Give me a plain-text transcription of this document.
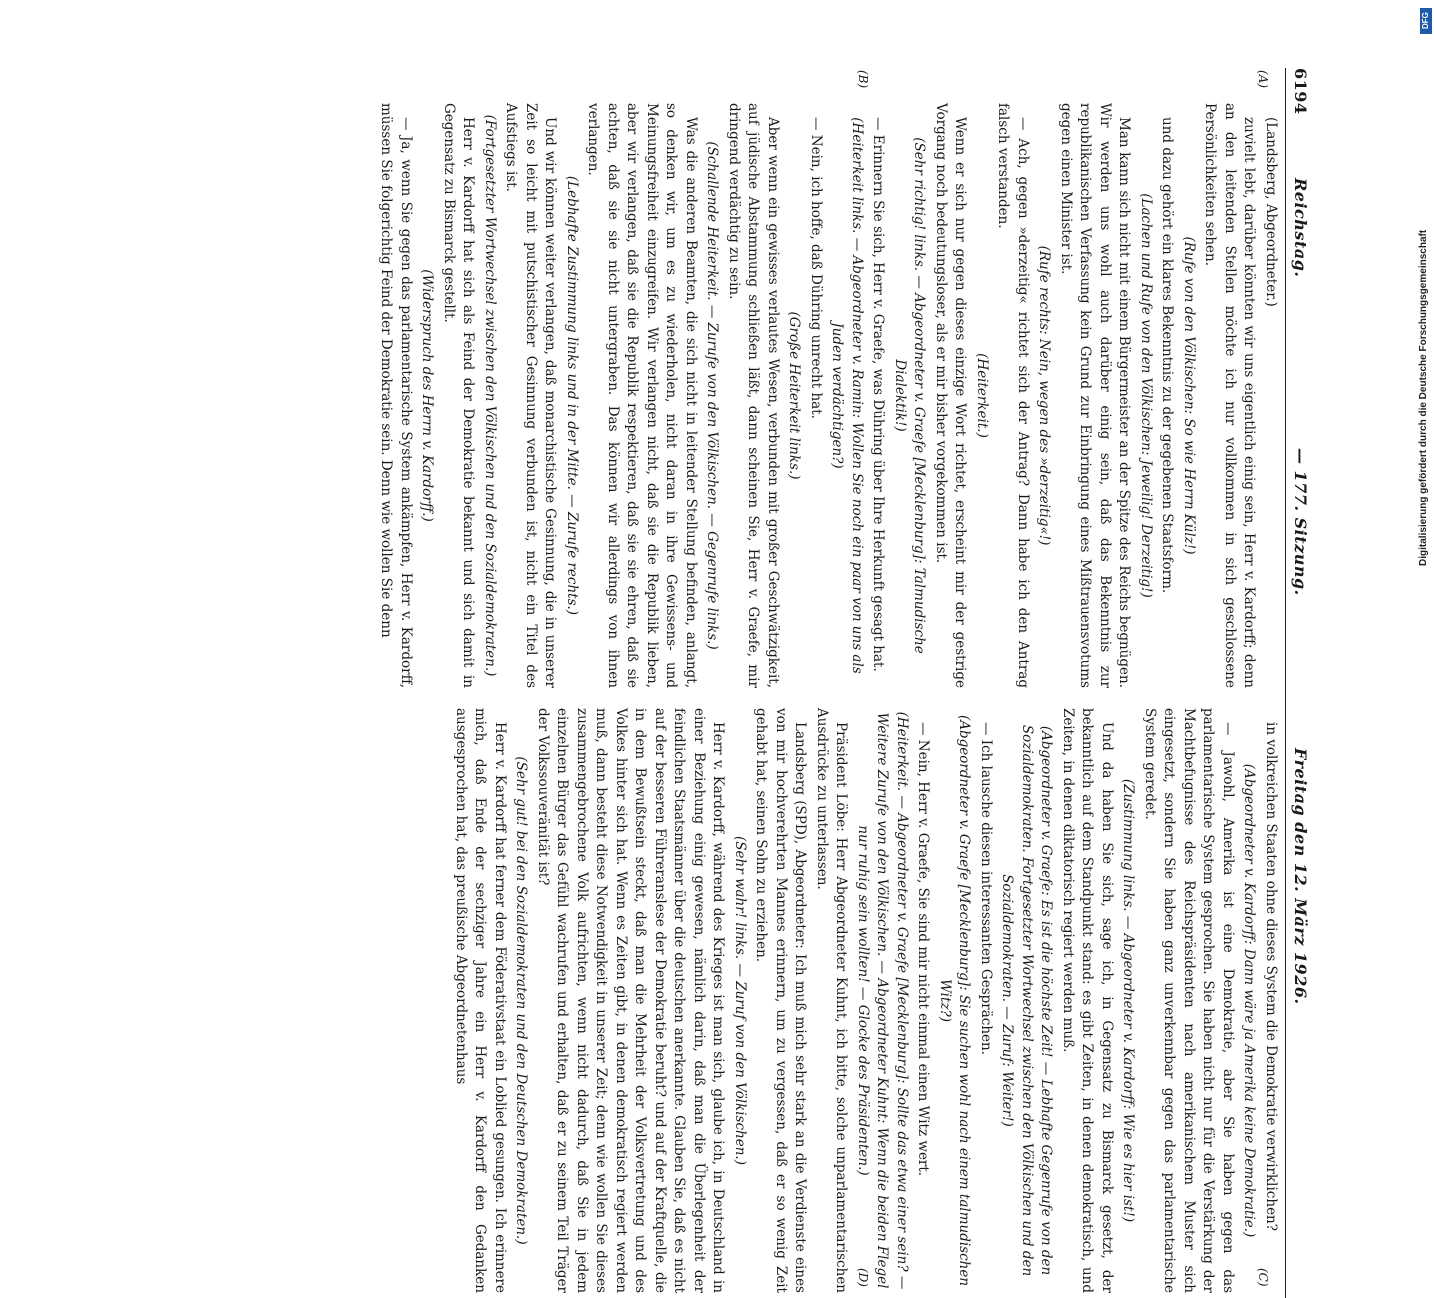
6194
Reichstag.
— 177. Sitzung.
Freitag den 12. März 1926.
(A)
(B)
(C)
(D)

(Landsberg, Abgeordneter.)

zuvielt lebt, darüber könnten wir uns eigentlich einig sein, Herr v. Kardorff; denn an den leitenden Stellen möchte ich nur vollkommen in sich geschlossene Persönlichkeiten sehen.

(Rufe von den Völkischen: So wie Herrn Külz!)

und dazu gehört ein klares Bekenntnis zu der gegebenen Staatsform.

(Lachen und Rufe von den Völkischen: Jeweilig! Derzeitig!)

Man kann sich nicht mit einem Bürgermeister an der Spitze des Reichs begnügen. Wir werden uns wohl auch darüber einig sein, daß das Bekenntnis zur republikanischen Verfassung kein Grund zur Einbringung eines Mißtrauensvotums gegen einen Minister ist.

(Rufe rechts: Nein, wegen des »derzeitig«!)

— Ach, gegen »derzeitig« richtet sich der Antrag? Dann habe ich den Antrag falsch verstanden.

(Heiterkeit.)

Wenn er sich nur gegen dieses einzige Wort richtet, erscheint mir der gestrige Vorgang noch bedeutungsloser, als er mir bisher vorgekommen ist.

(Sehr richtig! links. — Abgeordneter v. Graefe [Mecklenburg]: Talmudische Dialektik!)

— Erinnern Sie sich, Herr v. Graefe, was Dühring über Ihre Herkunft gesagt hat.

(Heiterkeit links. — Abgeordneter v. Ramin: Wollen Sie noch ein paar von uns als Juden verdächtigen?)

— Nein, ich hoffe, daß Dühring unrecht hat.

(Große Heiterkeit links.)

Aber wenn ein gewisses verlautes Wesen, verbunden mit großer Geschwätzigkeit, auf jüdische Abstammung schließen läßt, dann scheinen Sie, Herr v. Graefe, mir dringend verdächtig zu sein.

(Schallende Heiterkeit. — Zurufe von den Völkischen. — Gegenrufe links.)

Was die anderen Beamten, die sich nicht in leitender Stellung befinden, anlangt, so denken wir, um es zu wiederholen, nicht daran in ihre Gewissens- und Meinungsfreiheit einzugreifen. Wir verlangen nicht, daß sie die Republik lieben, aber wir verlangen, daß sie die Republik respektieren, daß sie sie ehren, daß sie achten, daß sie sie nicht untergraben. Das können wir allerdings von ihnen verlangen.

(Lebhafte Zustimmung links und in der Mitte. — Zurufe rechts.)

Und wir können weiter verlangen, daß monarchistische Gesinnung, die in unserer Zeit so leicht mit putschistischer Gesinnung verbunden ist, nicht ein Titel des Aufstiegs ist.

(Fortgesetzter Wortwechsel zwischen den Völkischen und den Sozialdemokraten.)

Herr v. Kardorff hat sich als Feind der Demokratie bekannt und sich damit in Gegensatz zu Bismarck gestellt.

(Widerspruch des Herrn v. Kardorff.)

— Ja, wenn Sie gegen das parlamentarische System ankämpfen, Herr v. Kardorff, müssen Sie folgerichtig Feind der Demokratie sein. Denn wie wollen Sie denn

in volkreichen Staaten ohne dieses System die Demokratie verwirklichen?

(Abgeordneter v. Kardorff: Dann wäre ja Amerika keine Demokratie.)

— Jawohl, Amerika ist eine Demokratie, aber Sie haben gegen das parlamentarische System gesprochen. Sie haben nicht nur für die Verstärkung der Machtbefugnisse des Reichspräsidenten nach amerikanischem Muster sich eingesetzt, sondern Sie haben ganz unverkennbar gegen das parlamentarische System geredet.

(Zustimmung links. — Abgeordneter v. Kardorff: Wie es hier ist!)

Und da haben Sie sich, sage ich, in Gegensatz zu Bismarck gesetzt, der bekanntlich auf dem Standpunkt stand: es gibt Zeiten, in denen demokratisch, und Zeiten, in denen diktatorisch regiert werden muß.

(Abgeordneter v. Graefe: Es ist die höchste Zeit! — Lebhafte Gegenrufe von den Sozialdemokraten. Fortgesetzter Wortwechsel zwischen den Völkischen und den Sozialdemokraten. — Zuruf: Weiter!)

— Ich lausche diesen interessanten Gesprächen.

(Abgeordneter v. Graefe [Mecklenburg]: Sie suchen wohl nach einem talmudischen Witz?)

— Nein, Herr v. Graefe, Sie sind mir nicht einmal einen Witz wert.

(Heiterkeit. — Abgeordneter v. Graefe [Mecklenburg]: Sollte das etwa einer sein? — Weitere Zurufe von den Völkischen. — Abgeordneter Kuhnt: Wenn die beiden Flegel nur ruhig sein wollten! — Glocke des Präsidenten.)

Präsident Löbe: Herr Abgeordneter Kuhnt, ich bitte, solche unparlamentarischen Ausdrücke zu unterlassen.

Landsberg (SPD), Abgeordneter: Ich muß mich sehr stark an die Verdienste eines von mir hochverehrten Mannes erinnern, um zu vergessen, daß er so wenig Zeit gehabt hat, seinen Sohn zu erziehen.

(Sehr wahr! links. — Zuruf von den Völkischen.)

Herr v. Kardorff, während des Krieges ist man sich, glaube ich, in Deutschland in einer Beziehung einig gewesen, nämlich darin, daß man die Überlegenheit der feindlichen Staatsmänner über die deutschen anerkannte. Glauben Sie, daß es nicht auf der besseren Führeranslese der Demokratie beruht? und auf der Kraftquelle, die in dem Bewußtsein steckt, daß man die Mehrheit der Volksvertretung und des Volkes hinter sich hat. Wenn es Zeiten gibt, in denen demokratisch regiert werden muß, dann besteht diese Notwendigkeit in unserer Zeit; denn wie wollen Sie dieses zusammengebrochene Volk aufrichten, wenn nicht dadurch, daß Sie in jedem einzelnen Bürger das Gefühl wachrufen und erhalten, daß er zu seinem Teil Träger der Volkssouveränität ist?

(Sehr gut! bei den Sozialdemokraten und den Deutschen Demokraten.)

Herr v. Kardorff hat ferner dem Föderativstaat ein Loblied gesungen. Ich erinnere mich, daß Ende der sechziger Jahre ein Herr v. Kardorff den Gedanken ausgesprochen hat, das preußische Abgeordnetenhaus

DFG
Digitalisierung gefördert durch die Deutsche Forschungsgemeinschaft
